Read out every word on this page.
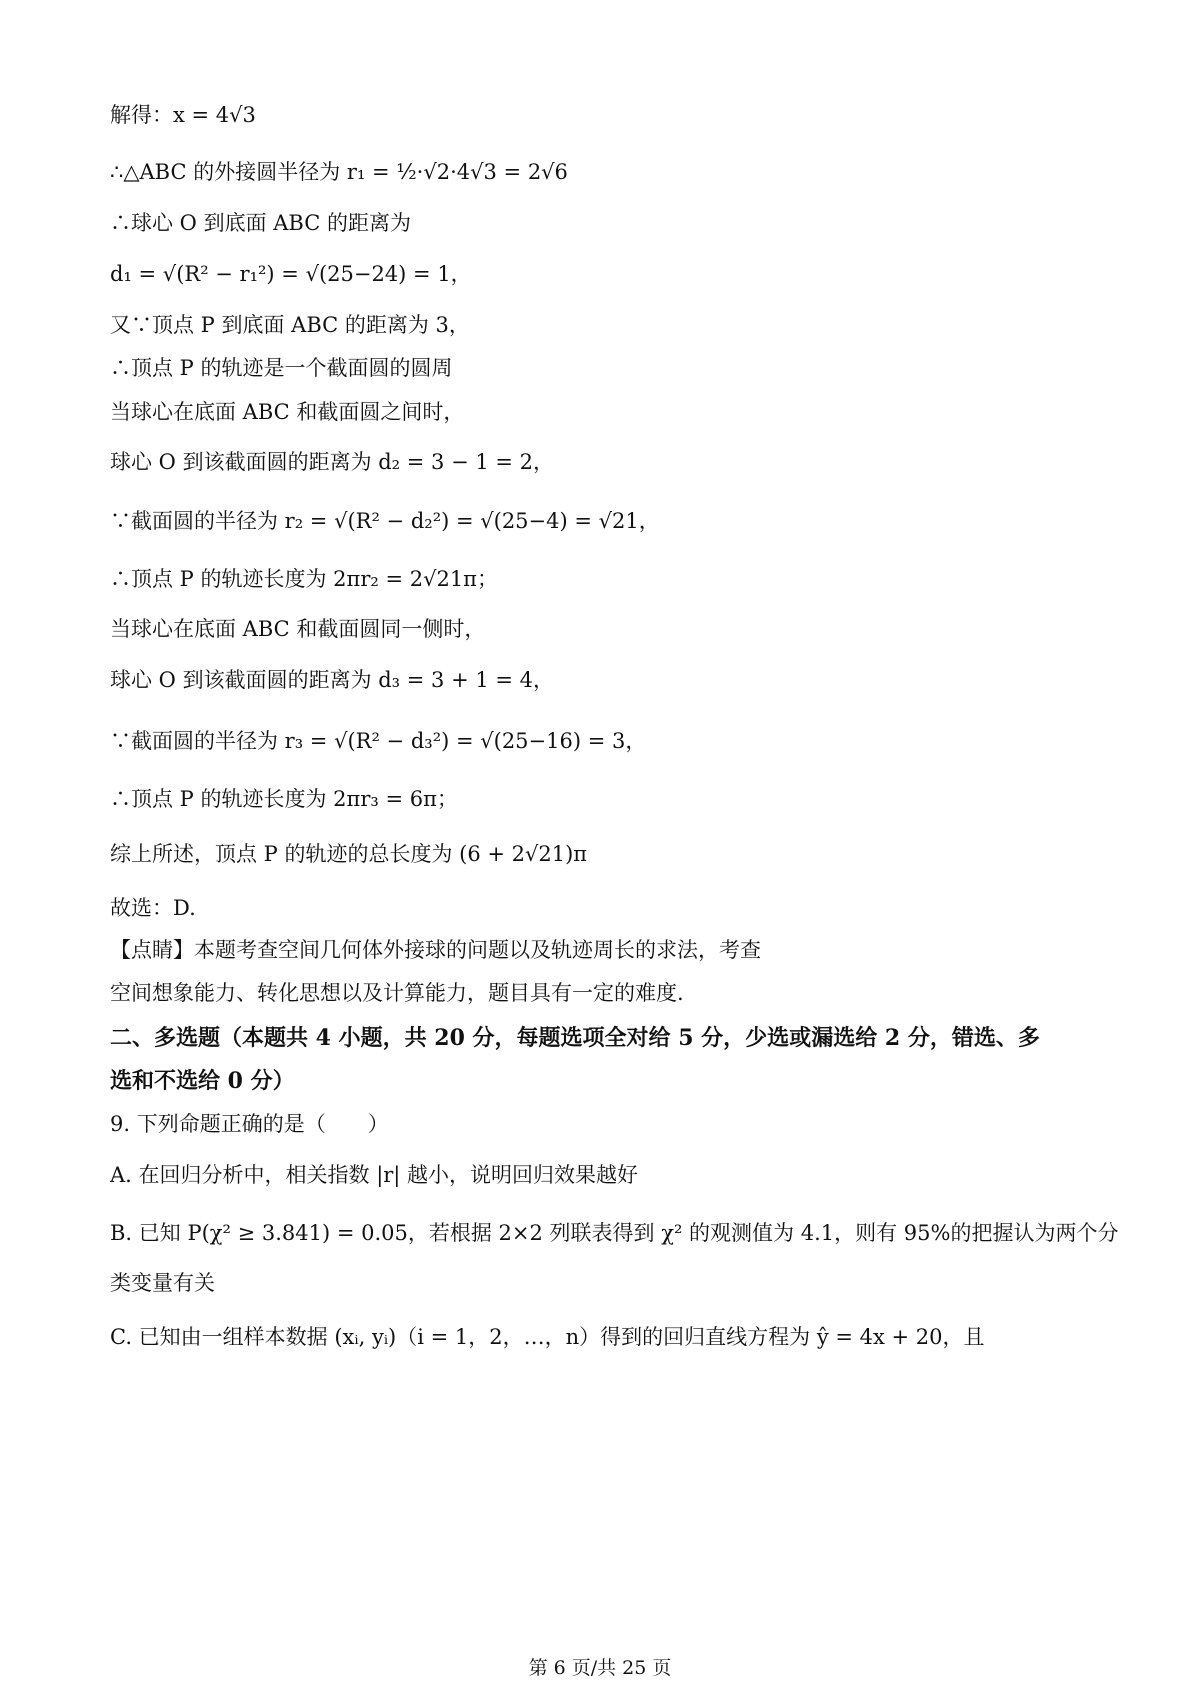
解得：x = 4√3
∴△ABC 的外接圆半径为 r₁ = ½·√2·4√3 = 2√6
∴球心 O 到底面 ABC 的距离为
d₁ = √(R² − r₁²) = √(25−24) = 1，
又∵顶点 P 到底面 ABC 的距离为 3，
∴顶点 P 的轨迹是一个截面圆的圆周
当球心在底面 ABC 和截面圆之间时，
球心 O 到该截面圆的距离为 d₂ = 3 − 1 = 2，
∵截面圆的半径为 r₂ = √(R² − d₂²) = √(25−4) = √21，
∴顶点 P 的轨迹长度为 2πr₂ = 2√21π；
当球心在底面 ABC 和截面圆同一侧时，
球心 O 到该截面圆的距离为 d₃ = 3 + 1 = 4，
∵截面圆的半径为 r₃ = √(R² − d₃²) = √(25−16) = 3，
∴顶点 P 的轨迹长度为 2πr₃ = 6π；
综上所述，顶点 P 的轨迹的总长度为 (6 + 2√21)π
故选：D.
【点睛】本题考查空间几何体外接球的问题以及轨迹周长的求法，考查
空间想象能力、转化思想以及计算能力，题目具有一定的难度.
二、多选题（本题共 4 小题，共 20 分，每题选项全对给 5 分，少选或漏选给 2 分，错选、多
选和不选给 0 分）
9. 下列命题正确的是（　　）
A. 在回归分析中，相关指数 |r| 越小，说明回归效果越好
B. 已知 P(χ² ≥ 3.841) = 0.05，若根据 2×2 列联表得到 χ² 的观测值为 4.1，则有 95%的把握认为两个分
类变量有关
C. 已知由一组样本数据 (xᵢ, yᵢ)（i = 1，2，…，n）得到的回归直线方程为 ŷ = 4x + 20，且
第 6 页/共 25 页
